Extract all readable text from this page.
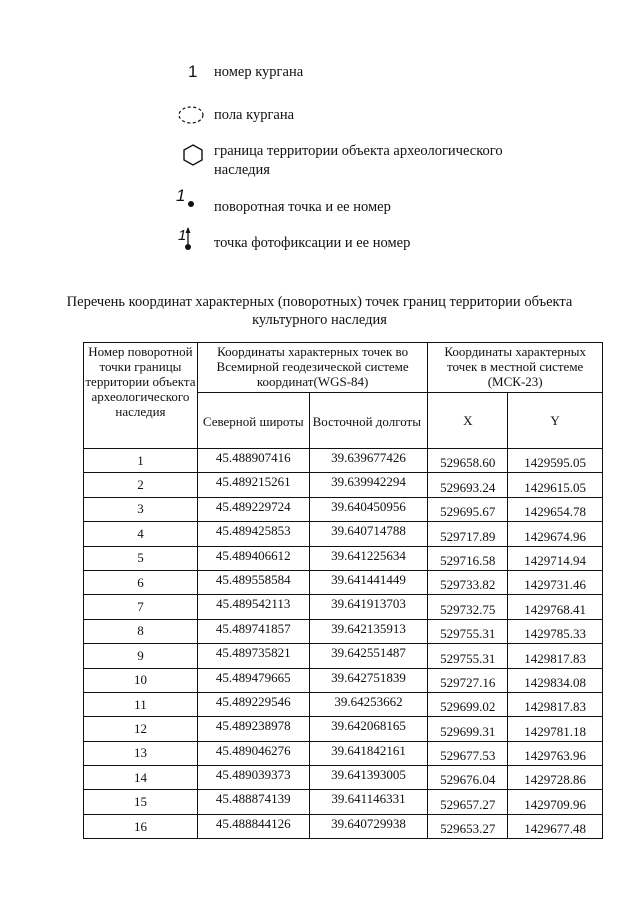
1 номер кургана
пола кургана
граница территории объекта археологического наследия
1
поворотная точка и ее номер
1 точка фотофиксации и ее номер
Перечень координат характерных (поворотных) точек границ территории объекта культурного наследия
Номер поворотной точки границы территории объекта археологического наследия	Координаты характерных точек во Всемирной геодезической системе координат(WGS-84)		Координаты характерных точек в местной системе (МСК-23)	
	Северной широты	Восточной долготы	X	Y
1	45.488907416	39.639677426	529658.60	1429595.05
2	45.489215261	39.639942294	529693.24	1429615.05
3	45.489229724	39.640450956	529695.67	1429654.78
4	45.489425853	39.640714788	529717.89	1429674.96
5	45.489406612	39.641225634	529716.58	1429714.94
6	45.489558584	39.641441449	529733.82	1429731.46
7	45.489542113	39.641913703	529732.75	1429768.41
8	45.489741857	39.642135913	529755.31	1429785.33
9	45.489735821	39.642551487	529755.31	1429817.83
10	45.489479665	39.642751839	529727.16	1429834.08
11	45.489229546	39.64253662	529699.02	1429817.83
12	45.489238978	39.642068165	529699.31	1429781.18
13	45.489046276	39.641842161	529677.53	1429763.96
14	45.489039373	39.641393005	529676.04	1429728.86
15	45.488874139	39.641146331	529657.27	1429709.96
16	45.488844126	39.640729938	529653.27	1429677.48
